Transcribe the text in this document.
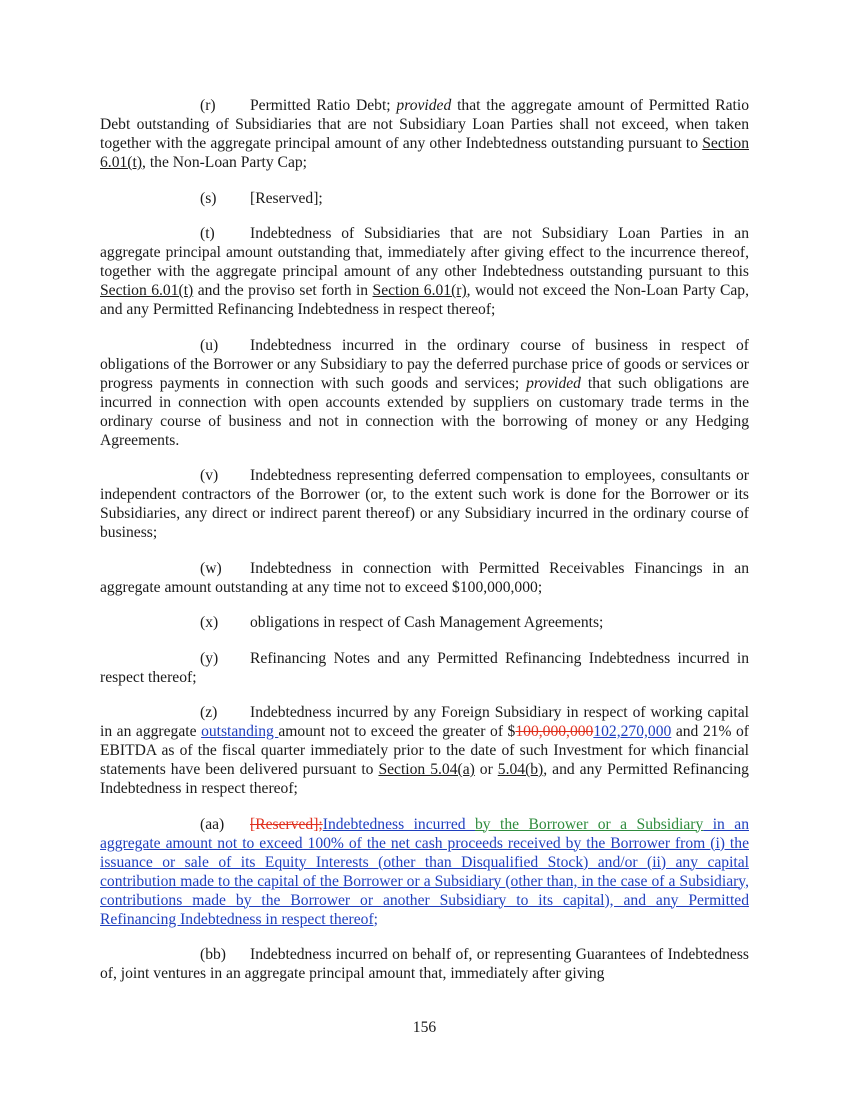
(r) Permitted Ratio Debt; provided that the aggregate amount of Permitted Ratio Debt outstanding of Subsidiaries that are not Subsidiary Loan Parties shall not exceed, when taken together with the aggregate principal amount of any other Indebtedness outstanding pursuant to Section 6.01(t), the Non-Loan Party Cap;

(s) [Reserved];

(t) Indebtedness of Subsidiaries that are not Subsidiary Loan Parties in an aggregate principal amount outstanding that, immediately after giving effect to the incurrence thereof, together with the aggregate principal amount of any other Indebtedness outstanding pursuant to this Section 6.01(t) and the proviso set forth in Section 6.01(r), would not exceed the Non-Loan Party Cap, and any Permitted Refinancing Indebtedness in respect thereof;

(u) Indebtedness incurred in the ordinary course of business in respect of obligations of the Borrower or any Subsidiary to pay the deferred purchase price of goods or services or progress payments in connection with such goods and services; provided that such obligations are incurred in connection with open accounts extended by suppliers on customary trade terms in the ordinary course of business and not in connection with the borrowing of money or any Hedging Agreements.

(v) Indebtedness representing deferred compensation to employees, consultants or independent contractors of the Borrower (or, to the extent such work is done for the Borrower or its Subsidiaries, any direct or indirect parent thereof) or any Subsidiary incurred in the ordinary course of business;

(w) Indebtedness in connection with Permitted Receivables Financings in an aggregate amount outstanding at any time not to exceed $100,000,000;

(x) obligations in respect of Cash Management Agreements;

(y) Refinancing Notes and any Permitted Refinancing Indebtedness incurred in respect thereof;

(z) Indebtedness incurred by any Foreign Subsidiary in respect of working capital in an aggregate outstanding amount not to exceed the greater of $100,000,000102,270,000 and 21% of EBITDA as of the fiscal quarter immediately prior to the date of such Investment for which financial statements have been delivered pursuant to Section 5.04(a) or 5.04(b), and any Permitted Refinancing Indebtedness in respect thereof;

(aa) [Reserved];Indebtedness incurred by the Borrower or a Subsidiary in an aggregate amount not to exceed 100% of the net cash proceeds received by the Borrower from (i) the issuance or sale of its Equity Interests (other than Disqualified Stock) and/or (ii) any capital contribution made to the capital of the Borrower or a Subsidiary (other than, in the case of a Subsidiary, contributions made by the Borrower or another Subsidiary to its capital), and any Permitted Refinancing Indebtedness in respect thereof;

(bb) Indebtedness incurred on behalf of, or representing Guarantees of Indebtedness of, joint ventures in an aggregate principal amount that, immediately after giving

156
